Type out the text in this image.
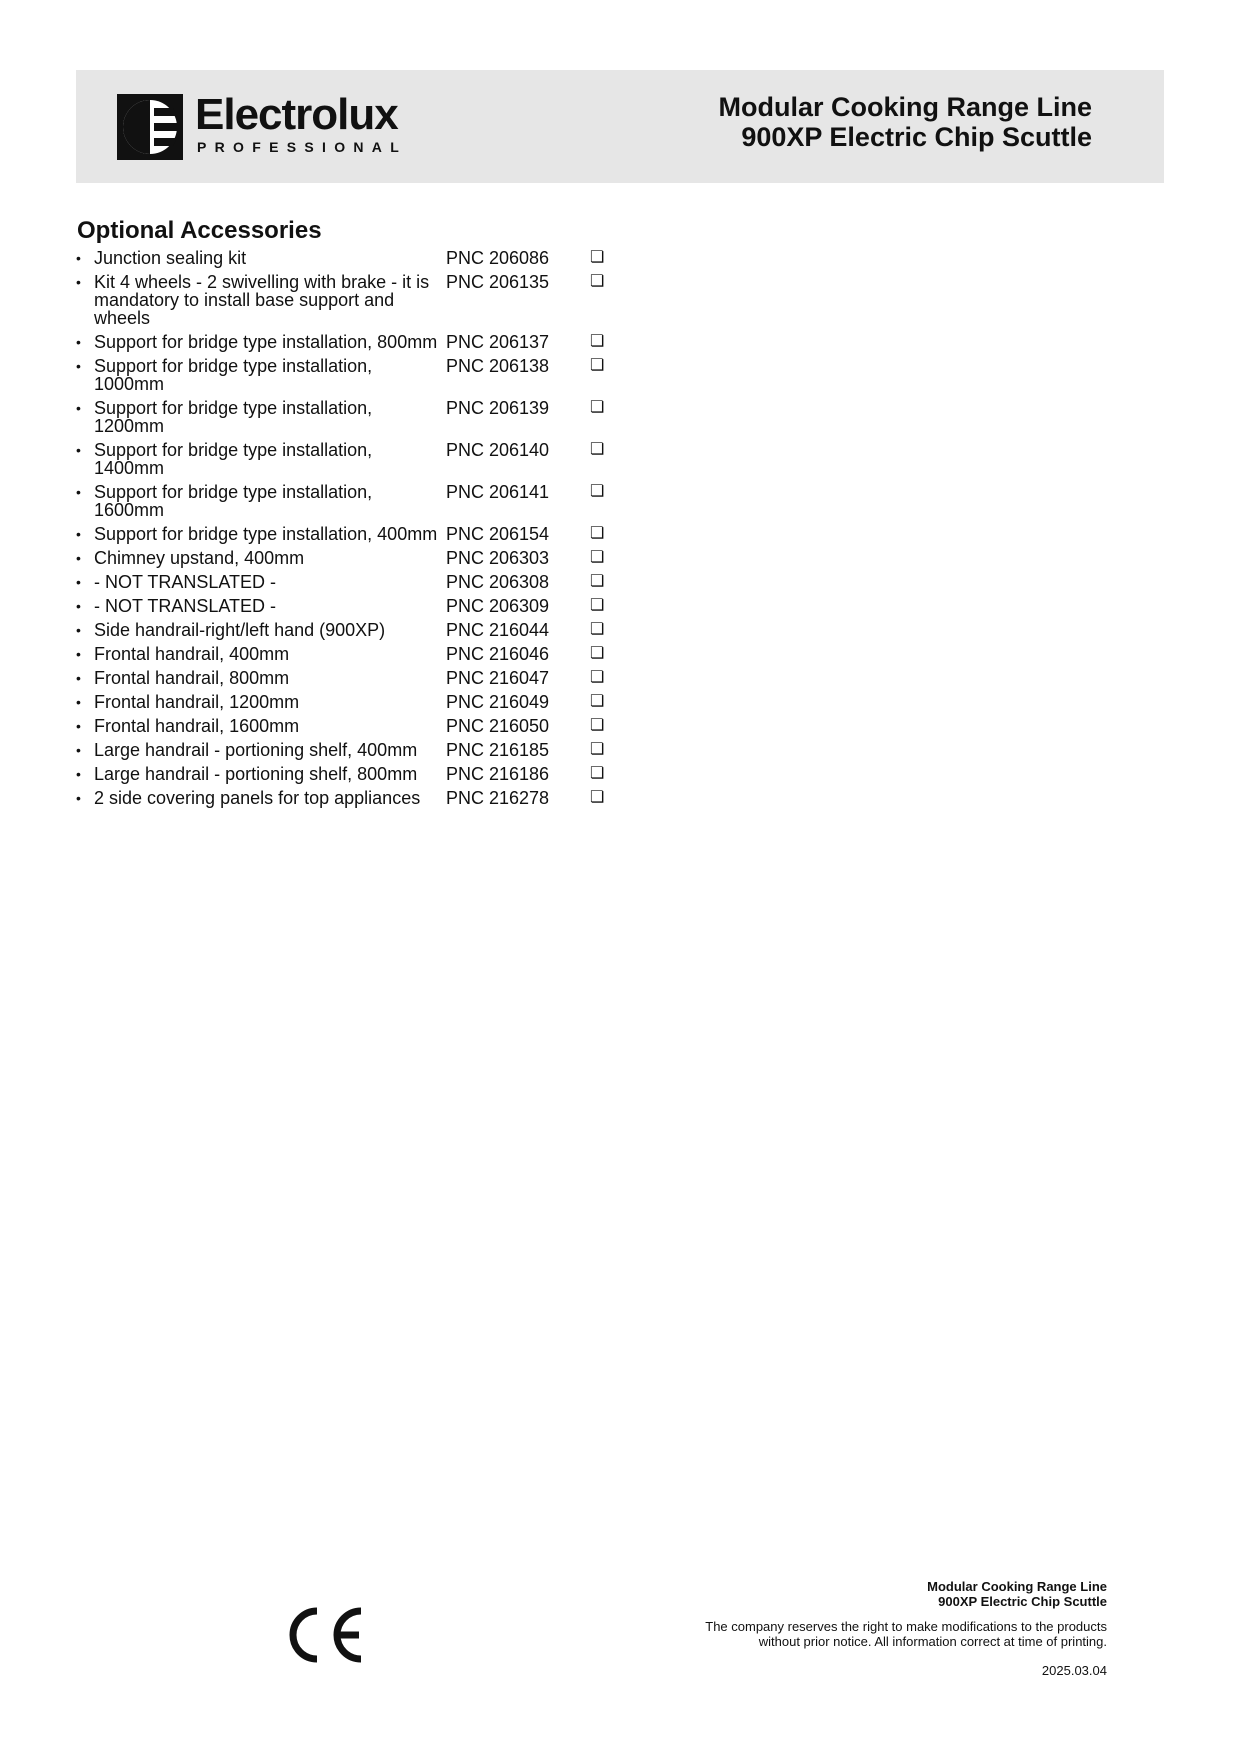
Electrolux
PROFESSIONAL
Modular Cooking Range Line
900XP Electric Chip Scuttle
Optional Accessories
• Junction sealing kit	PNC 206086	❏
• Kit 4 wheels - 2 swivelling with brake - it is mandatory to install base support and wheels
PNC 206135	❏
• Support for bridge type installation, 800mm PNC 206137	❏
• Support for bridge type installation, 1000mm
PNC 206138	❏
• Support for bridge type installation, 1200mm
PNC 206139	❏
• Support for bridge type installation, 1400mm
PNC 206140	❏
• Support for bridge type installation, 1600mm
PNC 206141	❏
• Support for bridge type installation, 400mm PNC 206154	❏
• Chimney upstand, 400mm	PNC 206303	❏
• - NOT TRANSLATED -	PNC 206308	❏
• - NOT TRANSLATED -	PNC 206309	❏
• Side handrail-right/left hand (900XP)	PNC 216044	❏
• Frontal handrail, 400mm	PNC 216046	❏
• Frontal handrail, 800mm	PNC 216047	❏
• Frontal handrail, 1200mm	PNC 216049	❏
• Frontal handrail, 1600mm	PNC 216050	❏
• Large handrail - portioning shelf, 400mm	PNC 216185	❏
• Large handrail - portioning shelf, 800mm	PNC 216186	❏
• 2 side covering panels for top appliances	PNC 216278	❏
Modular Cooking Range Line
900XP Electric Chip Scuttle
The company reserves the right to make modifications to the products
without prior notice. All information correct at time of printing.
2025.03.04
